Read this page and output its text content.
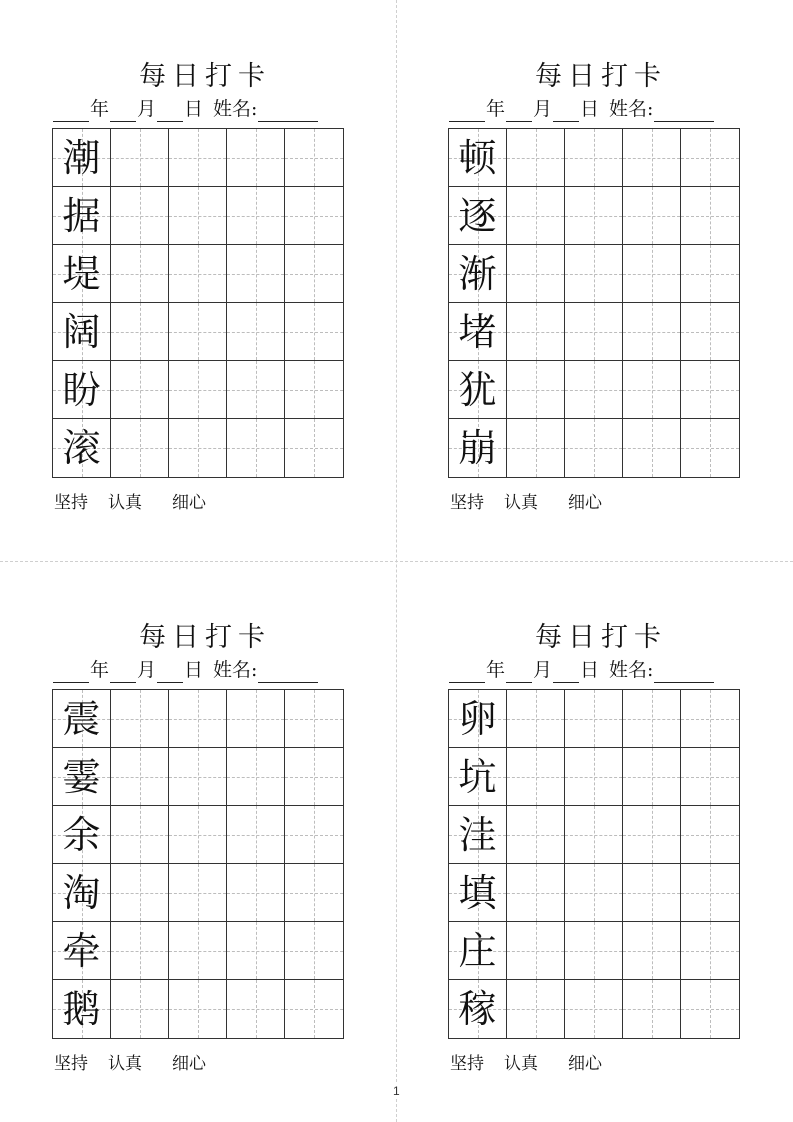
每日打卡
年 月 日 姓名:
潮
据
堤
阔
盼
滚
坚持 认真 细心
每日打卡
年 月 日 姓名:
顿
逐
渐
堵
犹
崩
坚持 认真 细心
每日打卡
年 月 日 姓名:
震
霎
余
淘
牵
鹅
坚持 认真 细心
每日打卡
年 月 日 姓名:
卵
坑
洼
填
庄
稼
坚持 认真 细心
1
